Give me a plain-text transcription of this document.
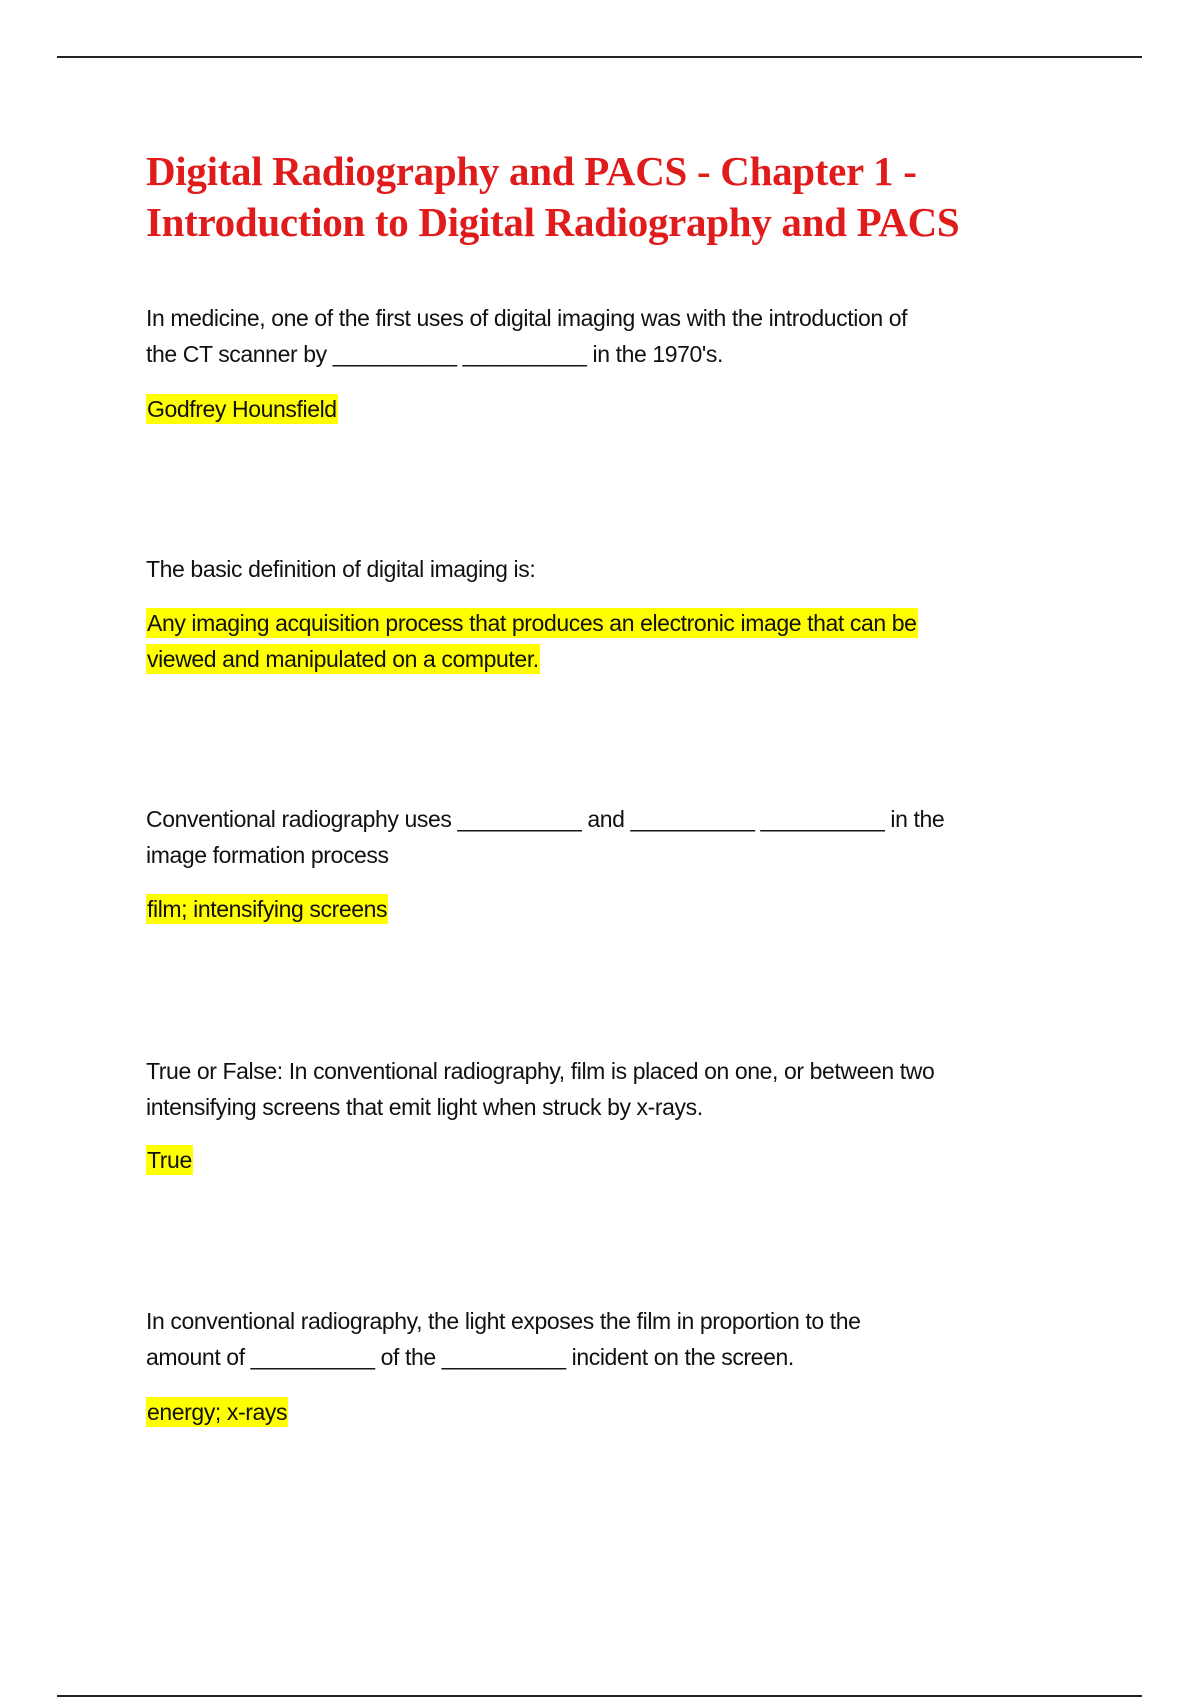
Digital Radiography and PACS - Chapter 1 -
Introduction to Digital Radiography and PACS
In medicine, one of the first uses of digital imaging was with the introduction of
the CT scanner by __________ __________ in the 1970's.
Godfrey Hounsfield
The basic definition of digital imaging is:
Any imaging acquisition process that produces an electronic image that can be
viewed and manipulated on a computer.
Conventional radiography uses __________ and __________ __________ in the
image formation process
film; intensifying screens
True or False: In conventional radiography, film is placed on one, or between two
intensifying screens that emit light when struck by x-rays.
True
In conventional radiography, the light exposes the film in proportion to the
amount of __________ of the __________ incident on the screen.
energy; x-rays
